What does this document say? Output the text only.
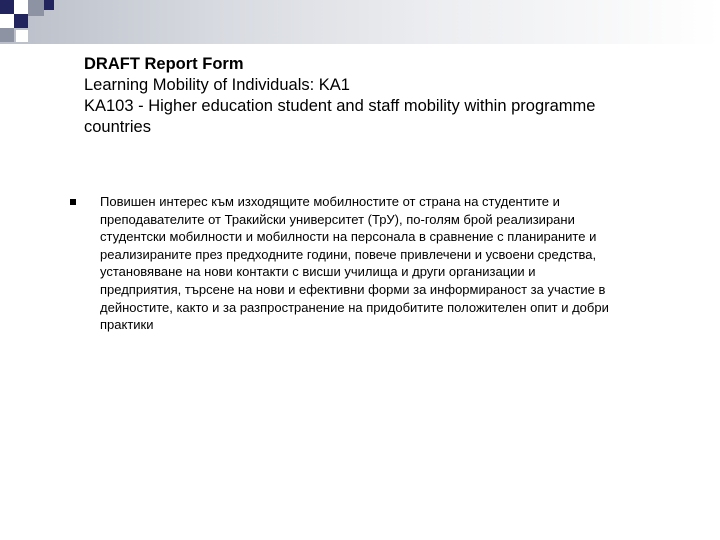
DRAFT Report Form
Learning Mobility of Individuals: KA1
KA103 - Higher education student and staff mobility within programme
countries
Повишен интерес към изходящите мобилностите от страна на студентите и
преподавателите от Тракийски университет (ТрУ), по-голям брой реализирани
студентски мобилности и мобилности на персонала в сравнение с планираните и
реализираните през предходните години, повече привлечени и усвоени средства,
установяване на нови контакти с висши училища и други организации и
предприятия, търсене на нови и ефективни форми за информираност за участие в
дейностите, както и за разпространение на придобитите положителен опит и добри
практики
